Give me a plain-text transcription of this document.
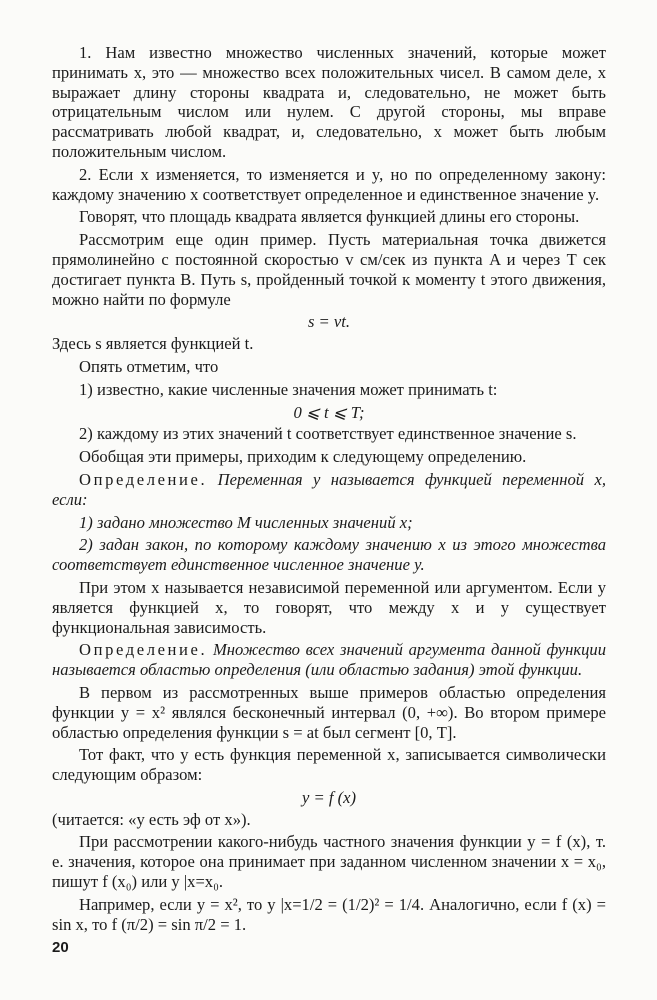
1. Нам известно множество численных значений, которые может принимать x, это — множество всех положительных чисел. В самом деле, x выражает длину стороны квадрата и, следовательно, не может быть отрицательным числом или нулем. С другой стороны, мы вправе рассматривать любой квадрат, и, следовательно, x может быть любым положительным числом.

2. Если x изменяется, то изменяется и y, но по определенному закону: каждому значению x соответствует определенное и единственное значение y.

Говорят, что площадь квадрата является функцией длины его стороны.

Рассмотрим еще один пример. Пусть материальная точка движется прямолинейно с постоянной скоростью v см/сек из пункта A и через T сек достигает пункта B. Путь s, пройденный точкой к моменту t этого движения, можно найти по формуле

s = vt.

Здесь s является функцией t.

Опять отметим, что

1) известно, какие численные значения может принимать t:

0 ⩽ t ⩽ T;

2) каждому из этих значений t соответствует единственное значение s.

Обобщая эти примеры, приходим к следующему определению.

Определение. Переменная y называется функцией переменной x, если:

1) задано множество M численных значений x;

2) задан закон, по которому каждому значению x из этого множества соответствует единственное численное значение y.

При этом x называется независимой переменной или аргументом. Если y является функцией x, то говорят, что между x и y существует функциональная зависимость.

Определение. Множество всех значений аргумента данной функции называется областью определения (или областью задания) этой функции.

В первом из рассмотренных выше примеров областью определения функции y = x² являлся бесконечный интервал (0, +∞). Во втором примере областью определения функции s = at был сегмент [0, T].

Тот факт, что y есть функция переменной x, записывается символически следующим образом:

y = f (x)

(читается: «y есть эф от x»).

При рассмотрении какого-нибудь частного значения функции y = f (x), т. е. значения, которое она принимает при заданном численном значении x = x₀, пишут f (x₀) или y |x=x₀.

Например, если y = x², то y |x=1/2 = (1/2)² = 1/4. Аналогично, если f (x) = sin x, то f (π/2) = sin π/2 = 1.

20
